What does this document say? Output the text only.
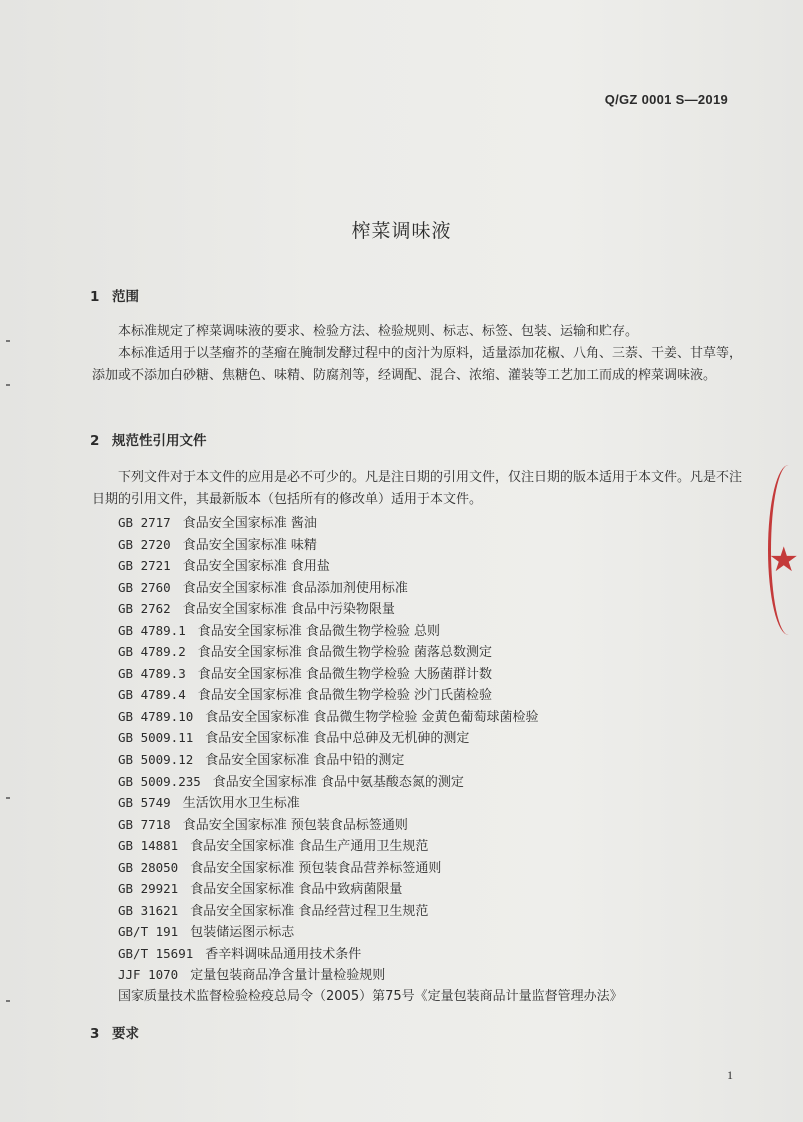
Q/GZ 0001 S—2019
榨菜调味液
1 范围

本标准规定了榨菜调味液的要求、检验方法、检验规则、标志、标签、包装、运输和贮存。

本标准适用于以茎瘤芥的茎瘤在腌制发酵过程中的卤汁为原料，适量添加花椒、八角、三萘、干姜、甘草等，添加或不添加白砂糖、焦糖色、味精、防腐剂等，经调配、混合、浓缩、灌装等工艺加工而成的榨菜调味液。

2 规范性引用文件

下列文件对于本文件的应用是必不可少的。凡是注日期的引用文件，仅注日期的版本适用于本文件。凡是不注日期的引用文件，其最新版本（包括所有的修改单）适用于本文件。

GB 2717 食品安全国家标准 酱油
GB 2720 食品安全国家标准 味精
GB 2721 食品安全国家标准 食用盐
GB 2760 食品安全国家标准 食品添加剂使用标准
GB 2762 食品安全国家标准 食品中污染物限量
GB 4789.1 食品安全国家标准 食品微生物学检验 总则
GB 4789.2 食品安全国家标准 食品微生物学检验 菌落总数测定
GB 4789.3 食品安全国家标准 食品微生物学检验 大肠菌群计数
GB 4789.4 食品安全国家标准 食品微生物学检验 沙门氏菌检验
GB 4789.10 食品安全国家标准 食品微生物学检验 金黄色葡萄球菌检验
GB 5009.11 食品安全国家标准 食品中总砷及无机砷的测定
GB 5009.12 食品安全国家标准 食品中铅的测定
GB 5009.235 食品安全国家标准 食品中氨基酸态氮的测定
GB 5749 生活饮用水卫生标准
GB 7718 食品安全国家标准 预包装食品标签通则
GB 14881 食品安全国家标准 食品生产通用卫生规范
GB 28050 食品安全国家标准 预包装食品营养标签通则
GB 29921 食品安全国家标准 食品中致病菌限量
GB 31621 食品安全国家标准 食品经营过程卫生规范
GB/T 191 包装储运图示标志
GB/T 15691 香辛料调味品通用技术条件
JJF 1070 定量包装商品净含量计量检验规则
国家质量技术监督检验检疫总局令（2005）第75号《定量包装商品计量监督管理办法》
3 要求
1
★
